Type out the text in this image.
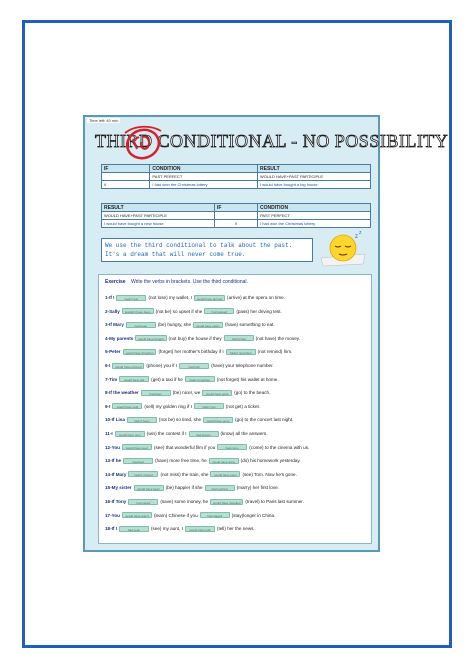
Time left: 40 min
THIRD CONDITIONAL - NO POSSIBILITY
IF	CONDITION	RESULT
	PAST PERFECT	WOULD HAVE+PAST PARTICIPLE
If	I had won the Christmas lottery	I would have bought a big house
RESULT	IF	CONDITION
WOULD HAVE+PAST PARTICIPLE		PAST PERFECT
I would have bought a new house	if	I had won the Christmas lottery
We use the third conditional to talk about the past.
It's a dream that will never come true.
z
z
Exercise Write the verbs in brackets. Use the third conditional.
1-If I	hadn't lost	(not lose) my wallet, I	would have arrived	(arrive) at the opera on time.
2-Sally	wouldn't have been	(not be) so upset if she	had passed	(pass) her driving test.
3-If Mary	had been	(be) hungry, she	would have eaten	(have) something to eat.
4-My parents	would have bought	(not buy) the house if they	hadn't had	(not have) the money.
5-Peter	would have forgotten	(forget) her mother's birthday if I	hadn't reminded	(not remind) him.
6-I	would have phoned	(phone) you if I	had had	(have) your telephone number.
7-Tim	would have got	(get) a taxi if he	hadn't forgotten	(not forget) his wallet at home.
8-If the weather	had been	(be) nicer, we	would have gone	(go) to the beach.
9-I	would have sold	(sell) my golden ring if I	hadn't got	(not get) a ticket.
10-If Lisa	hadn't been	(not be) so tired, she	would have gone	(go) to the concert last night.
11-I	would have won	(win) the contest if I	had known	(know) all the answers.
12-You	would have seen	(see) that wonderful film if you	had come	(come) to the cinema with us.
13-If he	had had	(have) more free time, he	would have done	(do) his homework yesterday.
14-If Mary	hadn't missed	(not miss) the train, she	would have seen	(see) Tom. Now he's gone.
15-My sister	would have been	(be) happier if she	had married	(marry) her first love.
16-If Tony	had saved	(save) some money, he	would have travelled	(travel) to Paris last summer.
17-You	would have learnt	(learn) Chinese if you	had stayed	(stay)longer in China.
18-If I	had seen	(see) my aunt, I	would have told	(tell) her the news.
